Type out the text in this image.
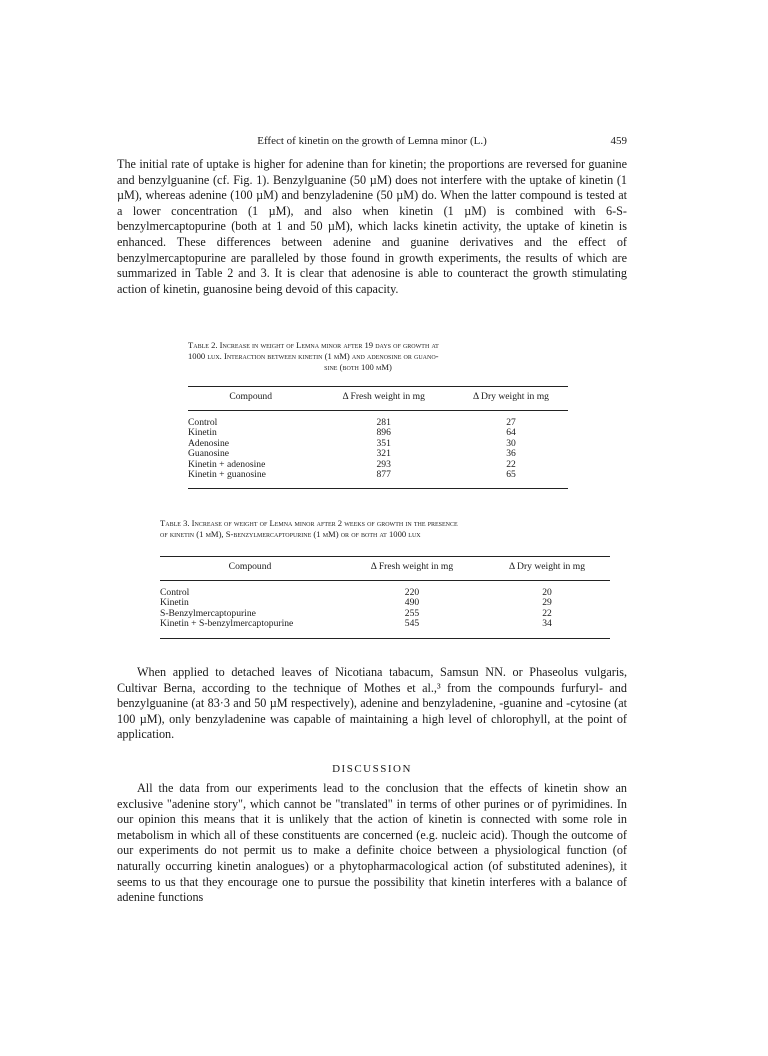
Effect of kinetin on the growth of Lemna minor (L.)	459

The initial rate of uptake is higher for adenine than for kinetin; the proportions are reversed for guanine and benzylguanine (cf. Fig. 1). Benzylguanine (50 µM) does not interfere with the uptake of kinetin (1 µM), whereas adenine (100 µM) and benzyladenine (50 µM) do. When the latter compound is tested at a lower concentration (1 µM), and also when kinetin (1 µM) is combined with 6-S-benzylmercaptopurine (both at 1 and 50 µM), which lacks kinetin activity, the uptake of kinetin is enhanced. These differences between adenine and guanine derivatives and the effect of benzylmercaptopurine are paralleled by those found in growth experiments, the results of which are summarized in Table 2 and 3. It is clear that adenosine is able to counteract the growth stimulating action of kinetin, guanosine being devoid of this capacity.

Table 2. Increase in weight of Lemna minor after 19 days of growth at
1000 lux. Interaction between kinetin (1 µM) and adenosine or guano-

sine (both 100 µM)
Compound	Δ Fresh weight in mg	Δ Dry weight in mg
Control	281	27
Kinetin	896	64
Adenosine	351	30
Guanosine	321	36
Kinetin + adenosine	293	22
Kinetin + guanosine	877	65
Table 3. Increase of weight of Lemna minor after 2 weeks of growth in the presence
of kinetin (1 µM), S-benzylmercaptopurine (1 µM) or of both at 1000 lux
Compound	Δ Fresh weight in mg	Δ Dry weight in mg
Control	220	20
Kinetin	490	29
S-Benzylmercaptopurine	255	22
Kinetin + S-benzylmercaptopurine	545	34

When applied to detached leaves of Nicotiana tabacum, Samsun NN. or Phaseolus vulgaris, Cultivar Berna, according to the technique of Mothes et al.,³ from the compounds furfuryl- and benzylguanine (at 83·3 and 50 µM respectively), adenine and benzyladenine, -guanine and -cytosine (at 100 µM), only benzyladenine was capable of maintaining a high level of chlorophyll, at the point of application.

DISCUSSION

All the data from our experiments lead to the conclusion that the effects of kinetin show an exclusive "adenine story", which cannot be "translated" in terms of other purines or of pyrimidines. In our opinion this means that it is unlikely that the action of kinetin is connected with some role in metabolism in which all of these constituents are concerned (e.g. nucleic acid). Though the outcome of our experiments do not permit us to make a definite choice between a physiological function (of naturally occurring kinetin analogues) or a phytopharmacological action (of substituted adenines), it seems to us that they encourage one to pursue the possibility that kinetin interferes with a balance of adenine functions
